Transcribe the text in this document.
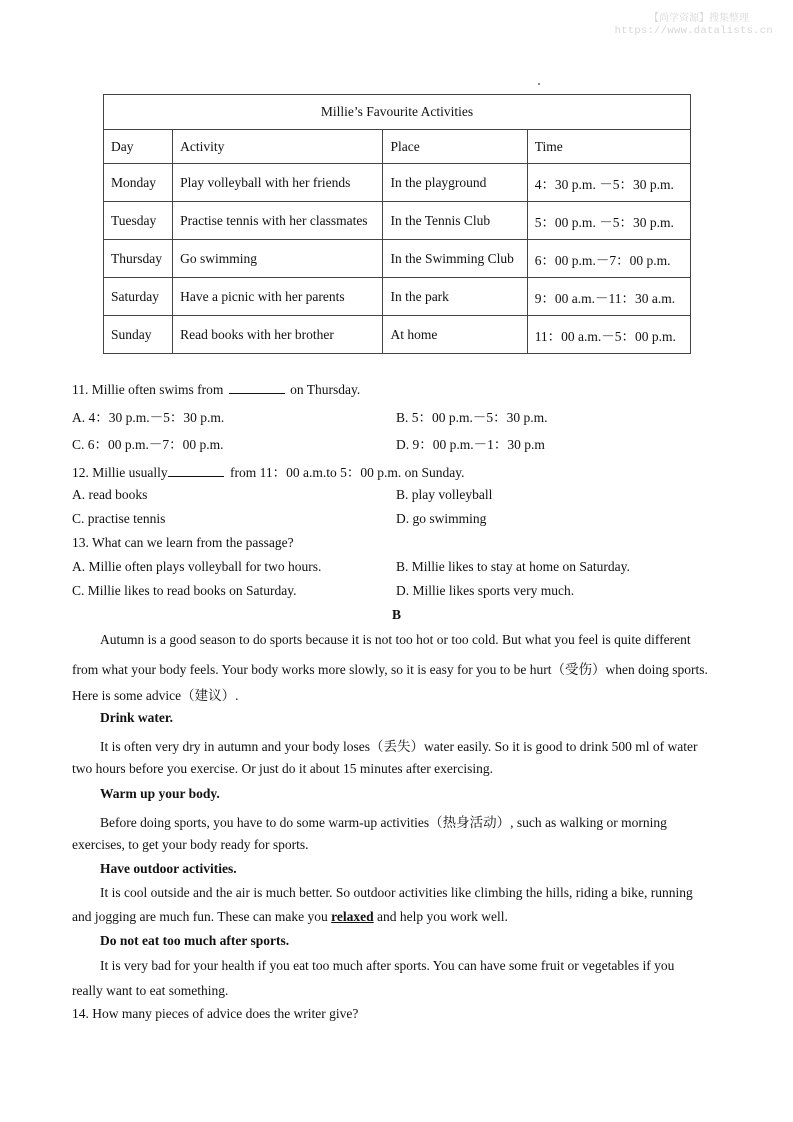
【尚学资源】搜集整理
https://www.datalists.cn
Millie’s Favourite Activities			
Day	Activity	Place	Time
Monday	Play volleyball with her friends	In the playground	4：30 p.m. －5：30 p.m.
Tuesday	Practise tennis with her classmates	In the Tennis Club	5：00 p.m. －5：30 p.m.
Thursday	Go swimming	In the Swimming Club	6：00 p.m.－7：00 p.m.
Saturday	Have a picnic with her parents	In the park	9：00 a.m.－11：30 a.m.
Sunday	Read books with her brother	At home	11：00 a.m.－5：00 p.m.
11. Millie often swims from	on Thursday.
A. 4：30 p.m.－5：30 p.m.	B. 5：00 p.m.－5：30 p.m.
C. 6：00 p.m.－7：00 p.m.	D. 9：00 p.m.－1：30 p.m
12. Millie usually	from 11：00 a.m.to 5：00 p.m. on Sunday.
A. read books	B. play volleyball
C. practise tennis	D. go swimming
13. What can we learn from the passage?
A. Millie often plays volleyball for two hours.	B. Millie likes to stay at home on Saturday.
C. Millie likes to read books on Saturday.	D. Millie likes sports very much.
B
Autumn is a good season to do sports because it is not too hot or too cold. But what you feel is quite different
from what your body feels. Your body works more slowly, so it is easy for you to be hurt（受伤）when doing sports.
Here is some advice（建议）.
Drink water.
It is often very dry in autumn and your body loses（丢失）water easily. So it is good to drink 500 ml of water
two hours before you exercise. Or just do it about 15 minutes after exercising.
Warm up your body.
Before doing sports, you have to do some warm-up activities（热身活动）, such as walking or morning
exercises, to get your body ready for sports.
Have outdoor activities.
It is cool outside and the air is much better. So outdoor activities like climbing the hills, riding a bike, running
and jogging are much fun. These can make you relaxed and help you work well.
Do not eat too much after sports.
It is very bad for your health if you eat too much after sports. You can have some fruit or vegetables if you
really want to eat something.
14. How many pieces of advice does the writer give?
